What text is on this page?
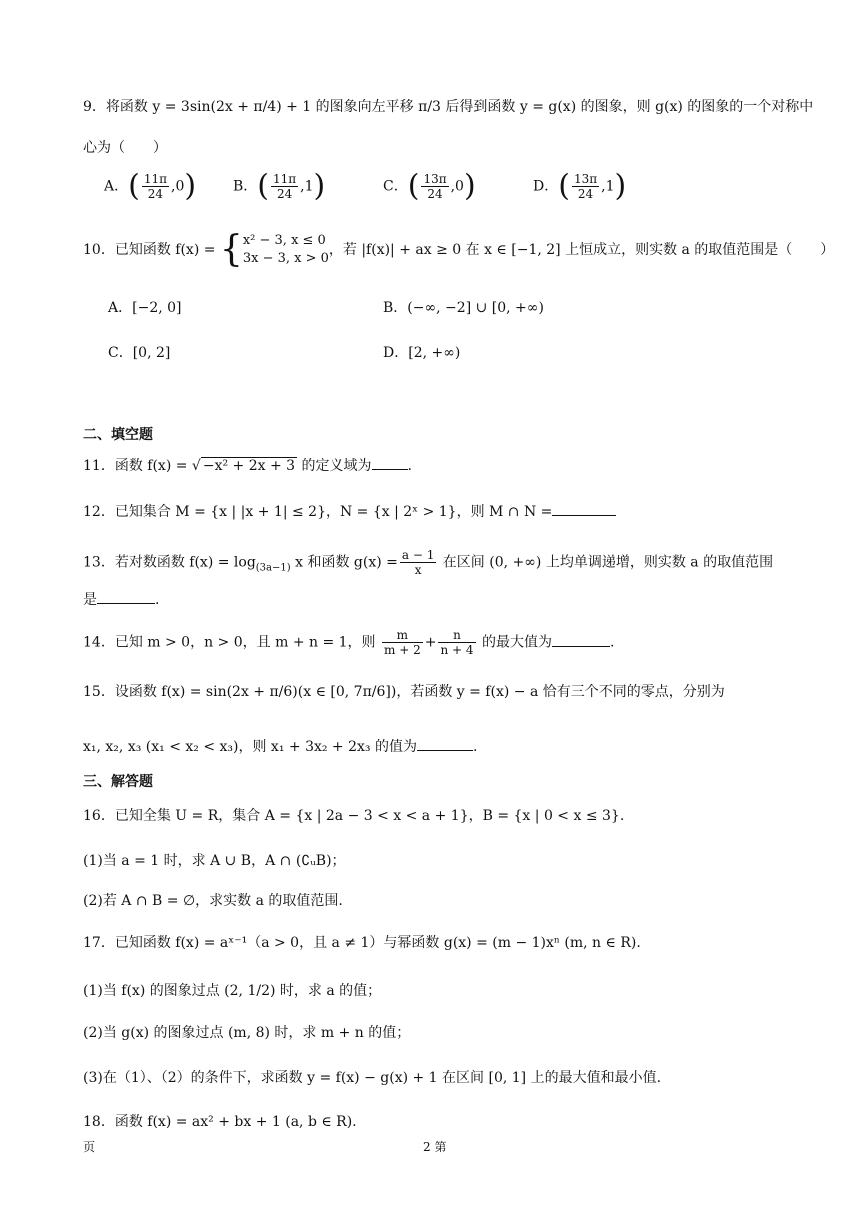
9．将函数 y = 3sin(2x + π/4) + 1 的图象向左平移 π/3 后得到函数 y = g(x) 的图象，则 g(x) 的图象的一个对称中
心为（　　）
A．( $\frac{11\pi}{24} ,0$)	B．( $\frac{11\pi}{24} ,1$)	C．( $\frac{13\pi}{24} ,0$)	D．( $\frac{13\pi}{24} ,1$)
10．已知函数 f(x) = { x² − 3, x ≤ 0
3x − 3, x > 0
，若 |f(x)| + ax ≥ 0 在 x ∈ [−1, 2] 上恒成立，则实数 a 的取值范围是（　　）
A．[−2, 0]	B．(−∞, −2] ∪ [0, +∞)
C．[0, 2]	D．[2, +∞)
二、填空题
11．函数 f(x) = √ −x² + 2x + 3 的定义域为	.
12．已知集合 M = {x | |x + 1| ≤ 2}，N = {x | 2ˣ > 1}，则 M ∩ N =
13．若对数函数 $f(x) = \log_{(3a-1)} x$ 和函数 $g(x) = \frac{a - 1}{x}$ 在区间 (0, +∞) 上均单调递增，则实数 a 的取值范围
是	.
14．已知 m > 0，n > 0，且 m + n = 1，则 $\frac{m}{m + 2} + \frac{n}{n + 4}$ 的最大值为	.
15．设函数 f(x) = sin(2x + π/6)(x ∈ [0, 7π/6])，若函数 y = f(x) − a 恰有三个不同的零点，分别为
x₁, x₂, x₃ (x₁ < x₂ < x₃)，则 x₁ + 3x₂ + 2x₃ 的值为	.
三、解答题
16．已知全集 U = R，集合 A = {x | 2a − 3 < x < a + 1}，B = {x | 0 < x ≤ 3}.
(1)当 a = 1 时，求 A ∪ B，A ∩ (∁ᵤB)；
(2)若 A ∩ B = ∅，求实数 a 的取值范围.
17．已知函数 f(x) = aˣ⁻¹（a > 0，且 a ≠ 1）与幂函数 g(x) = (m − 1)xⁿ (m, n ∈ R).
(1)当 f(x) 的图象过点 (2, 1/2) 时，求 a 的值；
(2)当 g(x) 的图象过点 (m, 8) 时，求 m + n 的值；
(3)在（1）、（2）的条件下，求函数 y = f(x) − g(x) + 1 在区间 [0, 1] 上的最大值和最小值.
18．函数 f(x) = ax² + bx + 1 (a, b ∈ R).
页	2 第
